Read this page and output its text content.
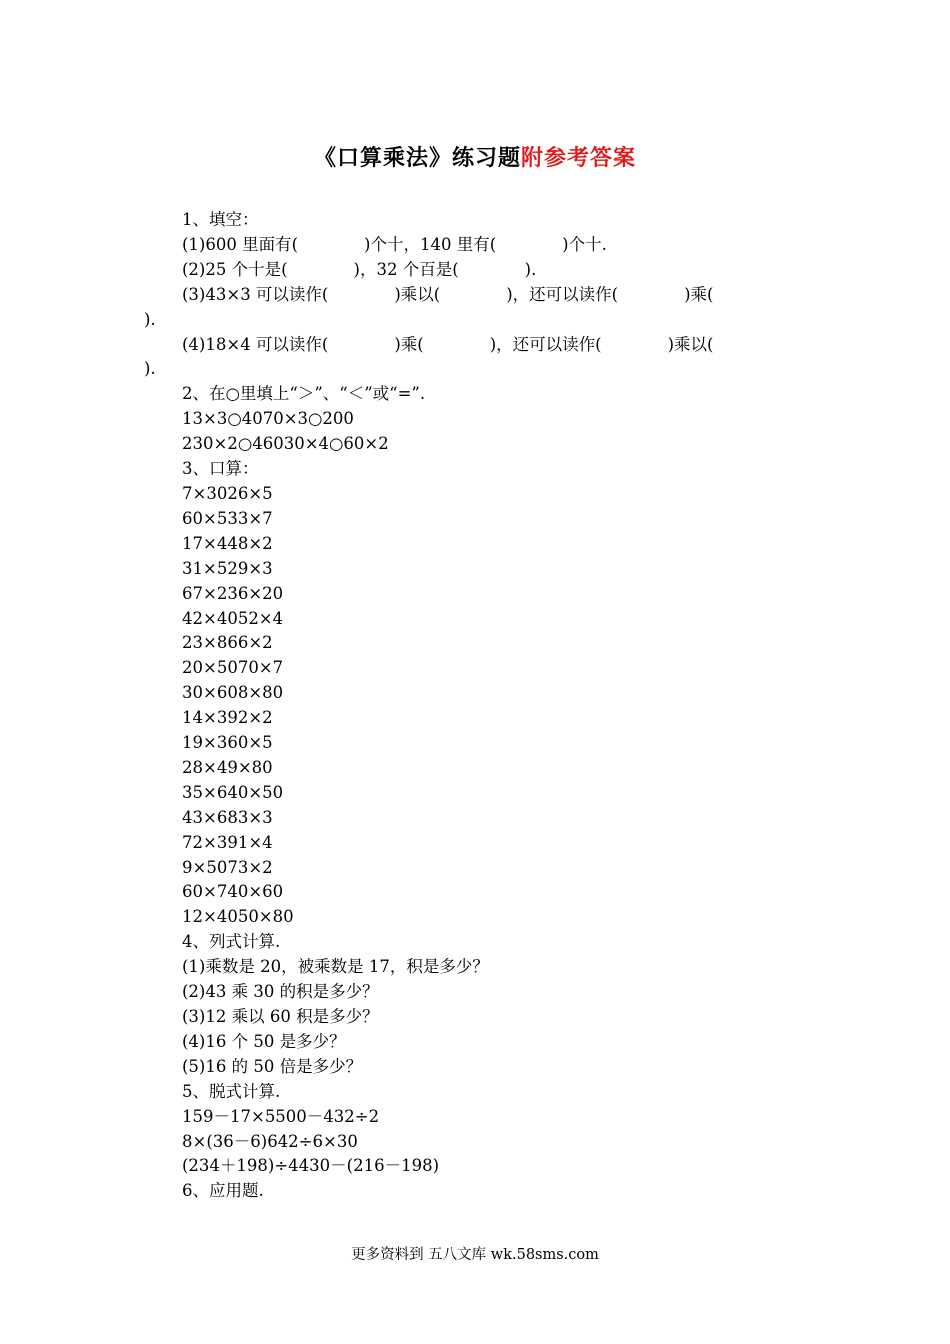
《口算乘法》练习题附参考答案
1、填空：
(1)600 里面有(　　　　)个十，140 里有(　　　　)个十.
(2)25 个十是(　　　　)，32 个百是(　　　　).
(3)43×3 可以读作(　　　　)乘以(　　　　)，还可以读作(　　　　)乘(
).
(4)18×4 可以读作(　　　　)乘(　　　　)，还可以读作(　　　　)乘以(
).
2、在○里填上“＞”、“＜”或“=”.
13×3○4070×3○200
230×2○46030×4○60×2
3、口算：
7×3026×5
60×533×7
17×448×2
31×529×3
67×236×20
42×4052×4
23×866×2
20×5070×7
30×608×80
14×392×2
19×360×5
28×49×80
35×640×50
43×683×3
72×391×4
9×5073×2
60×740×60
12×4050×80
4、列式计算.
(1)乘数是 20，被乘数是 17，积是多少？
(2)43 乘 30 的积是多少？
(3)12 乘以 60 积是多少？
(4)16 个 50 是多少？
(5)16 的 50 倍是多少？
5、脱式计算.
159－17×5500－432÷2
8×(36－6)642÷6×30
(234＋198)÷4430－(216－198)
6、应用题.
更多资料到 五八文库 wk.58sms.com
